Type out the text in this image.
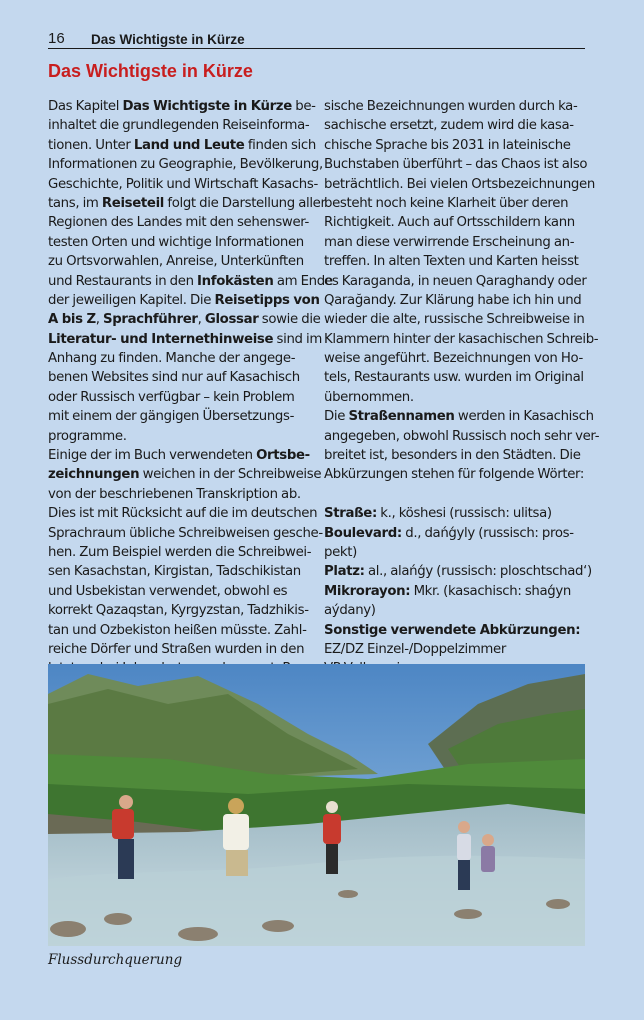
16 Das Wichtigste in Kürze
Das Wichtigste in Kürze
Das Kapitel Das Wichtigste in Kürze be-
inhaltet die grundlegenden Reiseinforma-
tionen. Unter Land und Leute finden sich
Informationen zu Geographie, Bevölkerung,
Geschichte, Politik und Wirtschaft Kasachs-
tans, im Reiseteil folgt die Darstellung aller
Regionen des Landes mit den sehenswer-
testen Orten und wichtige Informationen
zu Ortsvorwahlen, Anreise, Unterkünften
und Restaurants in den Infokästen am Ende
der jeweiligen Kapitel. Die Reisetipps von
A bis Z, Sprachführer, Glossar sowie die
Literatur- und Internethinweise sind im
Anhang zu finden. Manche der angege-
benen Websites sind nur auf Kasachisch
oder Russisch verfügbar – kein Problem
mit einem der gängigen Übersetzungs-
programme.
Einige der im Buch verwendeten Ortsbe-
zeichnungen weichen in der Schreibweise
von der beschriebenen Transkription ab.
Dies ist mit Rücksicht auf die im deutschen
Sprachraum übliche Schreibweisen gesche-
hen. Zum Beispiel werden die Schreibwei-
sen Kasachstan, Kirgistan, Tadschikistan
und Usbekistan verwendet, obwohl es
korrekt Qazaqstan, Kyrgyzstan, Tadzhikis-
tan und Ozbekiston heißen müsste. Zahl-
reiche Dörfer und Straßen wurden in den
sische Bezeichnungen wurden durch ka-
sachische ersetzt, zudem wird die kasa-
chische Sprache bis 2031 in lateinische
Buchstaben überführt – das Chaos ist also
beträchtlich. Bei vielen Ortsbezeichnungen
besteht noch keine Klarheit über deren
Richtigkeit. Auch auf Ortsschildern kann
man diese verwirrende Erscheinung an-
treffen. In alten Texten und Karten heisst
es Karaganda, in neuen Qaraghandy oder
Qarağandy. Zur Klärung habe ich hin und
wieder die alte, russische Schreibweise in
Klammern hinter der kasachischen Schreib-
weise angeführt. Bezeichnungen von Ho-
tels, Restaurants usw. wurden im Original
übernommen.
Die Straßennamen werden in Kasachisch
angegeben, obwohl Russisch noch sehr ver-
breitet ist, besonders in den Städten. Die
Abkürzungen stehen für folgende Wörter:
Straße: k., köshesi (russisch: ulitsa)
Boulevard: d., dańǵyly (russisch: pros-
pekt)
Platz: al., alańǵy (russisch: ploschtschad‘)
Mikrorayon: Mkr. (kasachisch: shaǵyn
aýdany)
Sonstige verwendete Abkürzungen:
EZ/DZ Einzel-/Doppelzimmer
Flussdurchquerung
